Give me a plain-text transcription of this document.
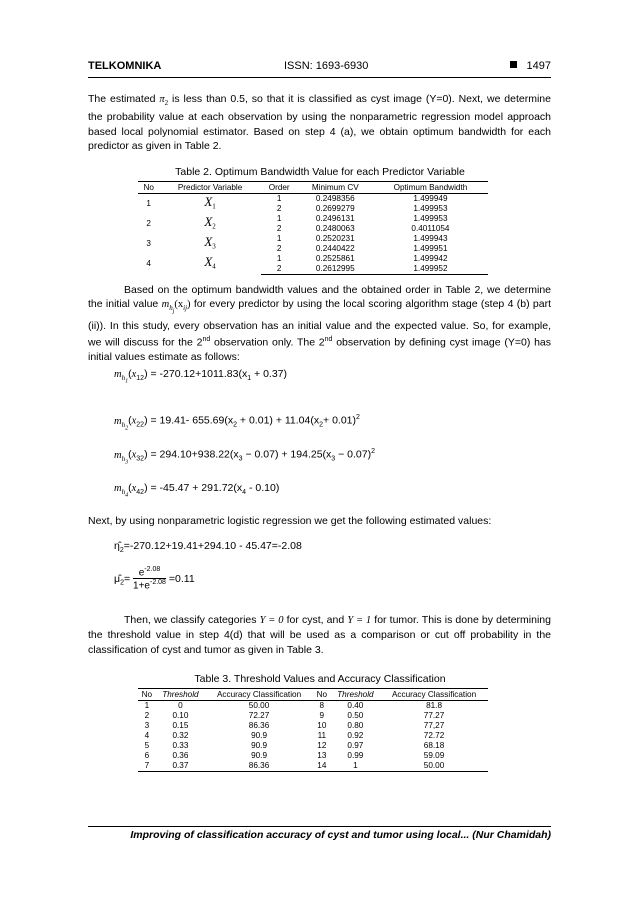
TELKOMNIKA	ISSN: 1693-6930	1497
The estimated $\pi_2$ is less than 0.5, so that it is classified as cyst image (Y=0). Next, we determine the probability value at each observation by using the nonparametric regression model approach based local polynomial estimator. Based on step 4 (a), we obtain optimum bandwidth for each predictor as given in Table 2.
Table 2. Optimum Bandwidth Value for each Predictor Variable
No	Predictor Variable	Order	Minimum CV	Optimum Bandwidth
1	$X_1$	1	0.2498356	1.499949
		2	0.2699279	1.499953
2	$X_2$	1	0.2496131	1.499953
		2	0.2480063	0.4011054
3	$X_3$	1	0.2520231	1.499943
		2	0.2440422	1.499951
4	$X_4$	1	0.2525861	1.499942
		2	0.2612995	1.499952
Based on the optimum bandwidth values and the obtained order in Table 2, we determine the initial value $m_{h_j}(x_{ij})$ for every predictor by using the local scoring algorithm stage (step 4 (b) part (ii)). In this study, every observation has an initial value and the expected value. So, for example, we will discuss for the 2nd observation only. The 2nd observation by defining cyst image (Y=0) has initial values estimate as follows:
$m_{h_1}(x_{12}) = -270.12+1011.83(x_1 + 0.37)$
$m_{h_2}(x_{22}) = 19.41-$ $655.69(x_2 + 0.01) + 11.04(x_2+ 0.01)^2$
$m_{h_3}(x_{32}) = 294.10+938.22(x_3 - 0.07) + 194.25(x_3 - 0.07)^2$
$m_{h_4}(x_{42}) = -45.47 + 291.72(x_4 - 0.10)$
Next, by using nonparametric logistic regression we get the following estimated values:
$\etâ_2=-270.12+19.41+294.10 - 45.47=-2.08$
$\mû_2= \frac{e^{-2.08}}{1+e^{-2.08}} =0.11$
Then, we classify categories Y = 0 for cyst, and Y = 1 for tumor. This is done by determining the threshold value in step 4(d) that will be used as a comparison or cut off probability in the classification of cyst and tumor as given in Table 3.
Table 3. Threshold Values and Accuracy Classification
No	Threshold	Accuracy Classification	No	Threshold	Accuracy Classification
1	0	50.00	8	0.40	81.8
2	0.10	72.27	9	0.50	77.27
3	0.15	86.36	10	0.80	77,27
4	0.32	90.9	11	0.92	72.72
5	0.33	90.9	12	0.97	68.18
6	0.36	90.9	13	0.99	59.09
7	0.37	86.36	14	1	50.00
Improving of classification accuracy of cyst and tumor using local... (Nur Chamidah)
